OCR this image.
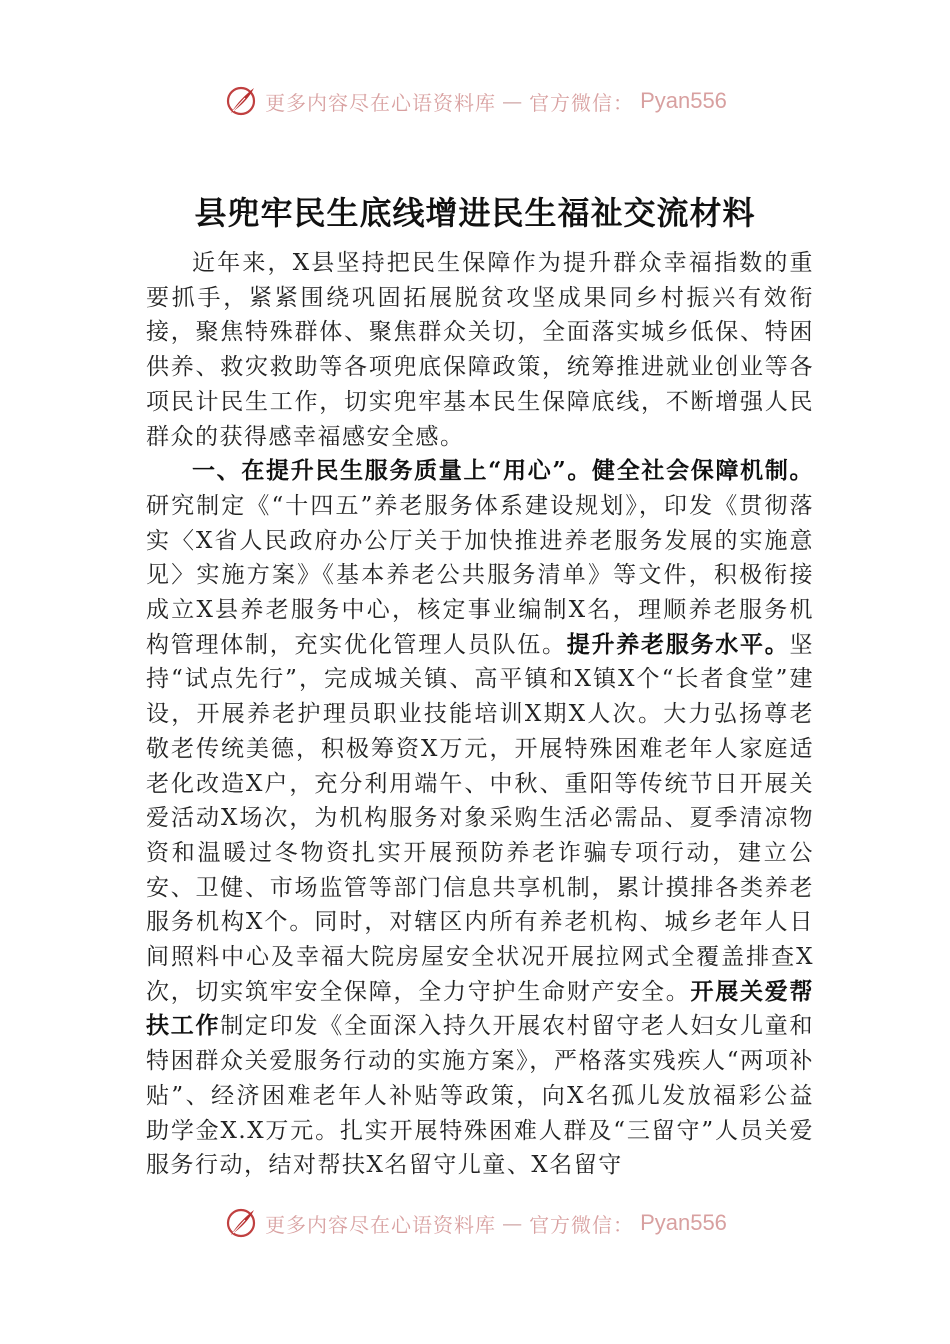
更多内容尽在心语资料库 — 官方微信： Pyan556
县兜牢民生底线增进民生福祉交流材料

近年来，X县坚持把民生保障作为提升群众幸福指数的重要抓手，紧紧围绕巩固拓展脱贫攻坚成果同乡村振兴有效衔接，聚焦特殊群体、聚焦群众关切，全面落实城乡低保、特困供养、救灾救助等各项兜底保障政策，统筹推进就业创业等各项民计民生工作，切实兜牢基本民生保障底线，不断增强人民群众的获得感幸福感安全感。

一、在提升民生服务质量上“用心”。健全社会保障机制。研究制定《“十四五”养老服务体系建设规划》，印发《贯彻落实〈X省人民政府办公厅关于加快推进养老服务发展的实施意见〉实施方案》《基本养老公共服务清单》等文件，积极衔接成立X县养老服务中心，核定事业编制X名，理顺养老服务机构管理体制，充实优化管理人员队伍。提升养老服务水平。坚持“试点先行”，完成城关镇、高平镇和X镇X个“长者食堂”建设，开展养老护理员职业技能培训X期X人次。大力弘扬尊老敬老传统美德，积极筹资X万元，开展特殊困难老年人家庭适老化改造X户，充分利用端午、中秋、重阳等传统节日开展关爱活动X场次，为机构服务对象采购生活必需品、夏季清凉物资和温暖过冬物资扎实开展预防养老诈骗专项行动，建立公安、卫健、市场监管等部门信息共享机制，累计摸排各类养老服务机构X个。同时，对辖区内所有养老机构、城乡老年人日间照料中心及幸福大院房屋安全状况开展拉网式全覆盖排查X次，切实筑牢安全保障，全力守护生命财产安全。开展关爱帮扶工作制定印发《全面深入持久开展农村留守老人妇女儿童和特困群众关爱服务行动的实施方案》，严格落实残疾人“两项补贴”、经济困难老年人补贴等政策，向X名孤儿发放福彩公益助学金X.X万元。扎实开展特殊困难人群及“三留守”人员关爱服务行动，结对帮扶X名留守儿童、X名留守

更多内容尽在心语资料库 — 官方微信： Pyan556
